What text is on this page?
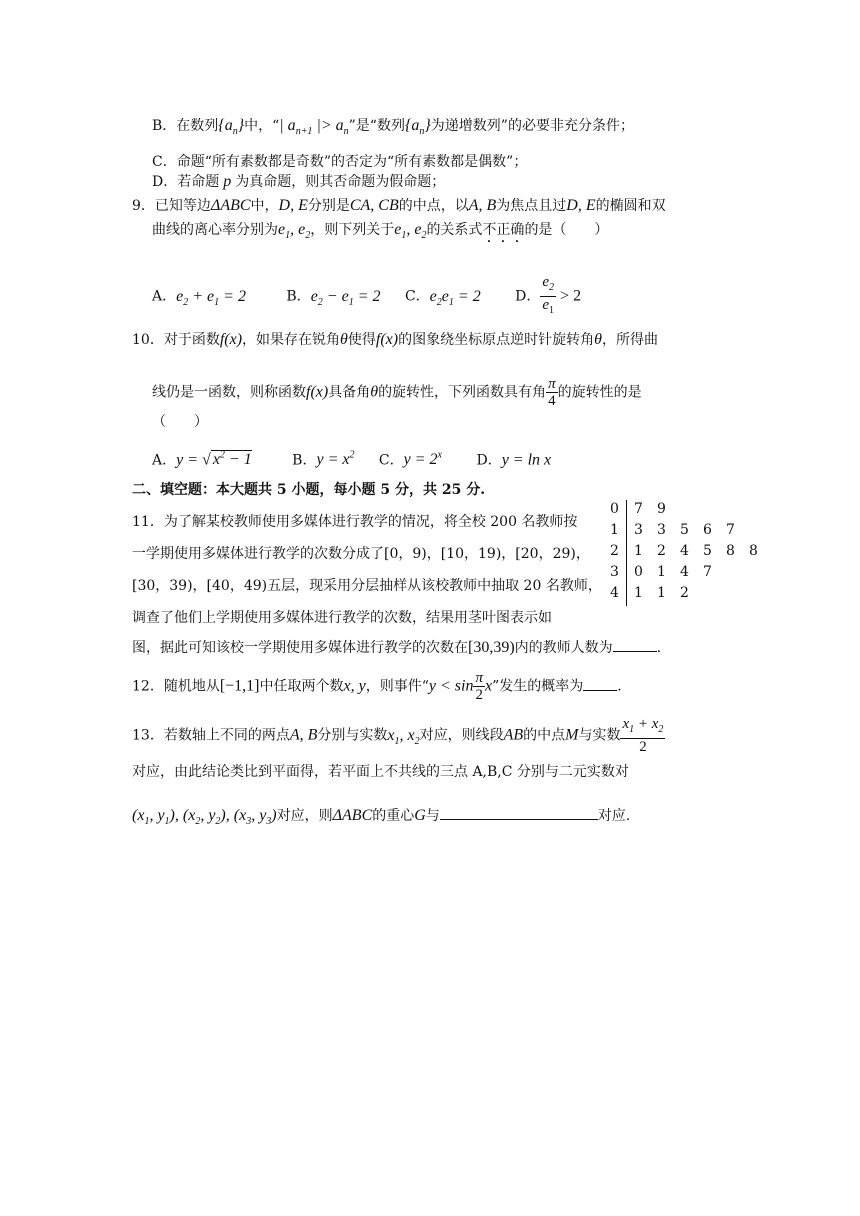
B．在数列$\{a_n\}$中，“| $a_{n+1}$ |> $a_n$”是“数列$\{a_n\}$为递增数列”的必要非充分条件；
C．命题“所有素数都是奇数”的否定为“所有素数都是偶数”；
D．若命题 p 为真命题，则其否命题为假命题；
9．已知等边ΔABC中，D, E分别是CA, CB的中点，以A, B为焦点且过D, E的椭圆和双
曲线的离心率分别为$e_1$, $e_2$，则下列关于$e_1$, $e_2$的关系式不正确的是（　　）
A．$e_2 + e_1 = 2$	B．$e_2 - e_1 = 2$ C．$e_2e_1 = 2$ D． $\frac{e_2}{e_1} > 2$
10．对于函数f(x)，如果存在锐角θ使得f(x)的图象绕坐标原点逆时针旋转角θ，所得曲
线仍是一函数，则称函数f(x)具备角θ的旋转性，下列函数具有角 $\frac{\pi}{4}$ 的旋转性的是
（　　）
A．y = √ $x^2 - 1$	B．$y = x^2$ C．$y = 2^x$ D．y = ln x
二、填空题：本大题共 5 小题，每小题 5 分，共 25 分.
11．为了解某校教师使用多媒体进行教学的情况，将全校 200 名教师按
一学期使用多媒体进行教学的次数分成了[0，9)，[10，19)，[20，29)，
[30，39)，[40，49)五层，现采用分层抽样从该校教师中抽取 20 名教师，
调查了他们上学期使用多媒体进行教学的次数，结果用茎叶图表示如
图，据此可知该校一学期使用多媒体进行教学的次数在[30,39)内的教师人数为	.
0 7 9
1 3 3 5 6 7
2 1 2 4 5 8 8
3 0 1 4 7
4 1 1 2
12．随机地从[−1,1]中任取两个数x, y，则事件“$y < \sin \frac{\pi}{2} x$”发生的概率为 .
13．若数轴上不同的两点A, B分别与实数$x_1$, $x_2$对应，则线段AB的中点M与实数 $\frac{x_1 + x_2}{2}$
对应，由此结论类比到平面得，若平面上不共线的三点 A,B,C 分别与二元实数对
($x_1$, $y_1$), ($x_2$, $y_2$), ($x_3$, $y_3$)对应，则ΔABC的重心G与	对应.
